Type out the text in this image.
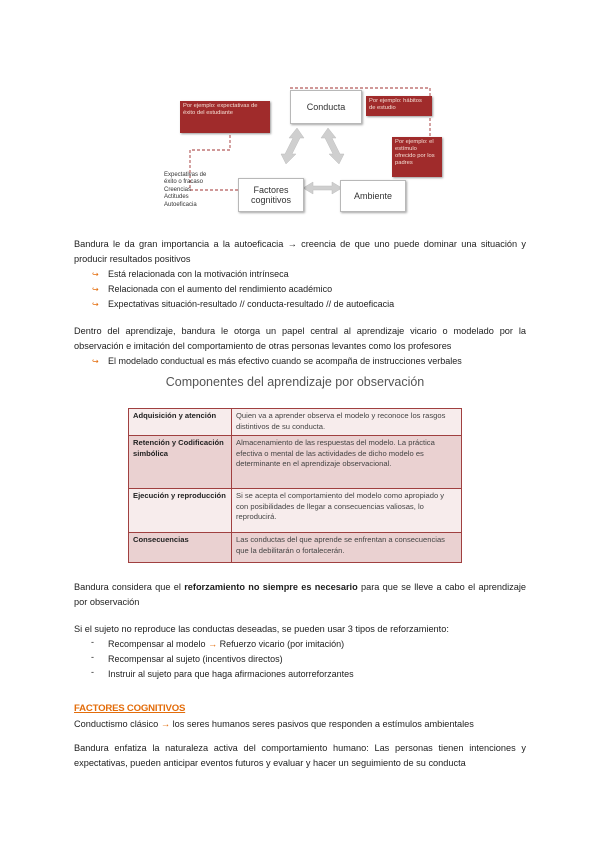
Conducta
Factores cognitivos	Ambiente
Por ejemplo: expectativas de éxito del estudiante
Por ejemplo: hábitos de estudio
Por ejemplo: el estímulo ofrecido por los padres
Expectativas de
éxito o fracaso
Creencias
Actitudes
Autoeficacia
Bandura le da gran importancia a la autoeficacia → creencia de que uno puede dominar una situación y producir resultados positivos
↪ Está relacionada con la motivación intrínseca
↪ Relacionada con el aumento del rendimiento académico
↪ Expectativas situación-resultado // conducta-resultado // de autoeficacia
Dentro del aprendizaje, bandura le otorga un papel central al aprendizaje vicario o modelado por la observación e imitación del comportamiento de otras personas levantes como los profesores
↪ El modelado conductual es más efectivo cuando se acompaña de instrucciones verbales
Componentes del aprendizaje por observación
Adquisición y atención	Quien va a aprender observa el modelo y reconoce los rasgos distintivos de su conducta.
Retención y Codificación simbólica	Almacenamiento de las respuestas del modelo. La práctica efectiva o mental de las actividades de dicho modelo es determinante en el aprendizaje observacional.
Ejecución y reproducción	Si se acepta el comportamiento del modelo como apropiado y con posibilidades de llegar a consecuencias valiosas, lo reproducirá.
Consecuencias	Las conductas del que aprende se enfrentan a consecuencias que la debilitarán o fortalecerán.
Bandura considera que el reforzamiento no siempre es necesario para que se lleve a cabo el aprendizaje por observación
Si el sujeto no reproduce las conductas deseadas, se pueden usar 3 tipos de reforzamiento:
- Recompensar al modelo → Refuerzo vicario (por imitación)
- Recompensar al sujeto (incentivos directos)
- Instruir al sujeto para que haga afirmaciones autorreforzantes
FACTORES COGNITIVOS
Conductismo clásico → los seres humanos seres pasivos que responden a estímulos ambientales
Bandura enfatiza la naturaleza activa del comportamiento humano: Las personas tienen intenciones y expectativas, pueden anticipar eventos futuros y evaluar y hacer un seguimiento de su conducta
